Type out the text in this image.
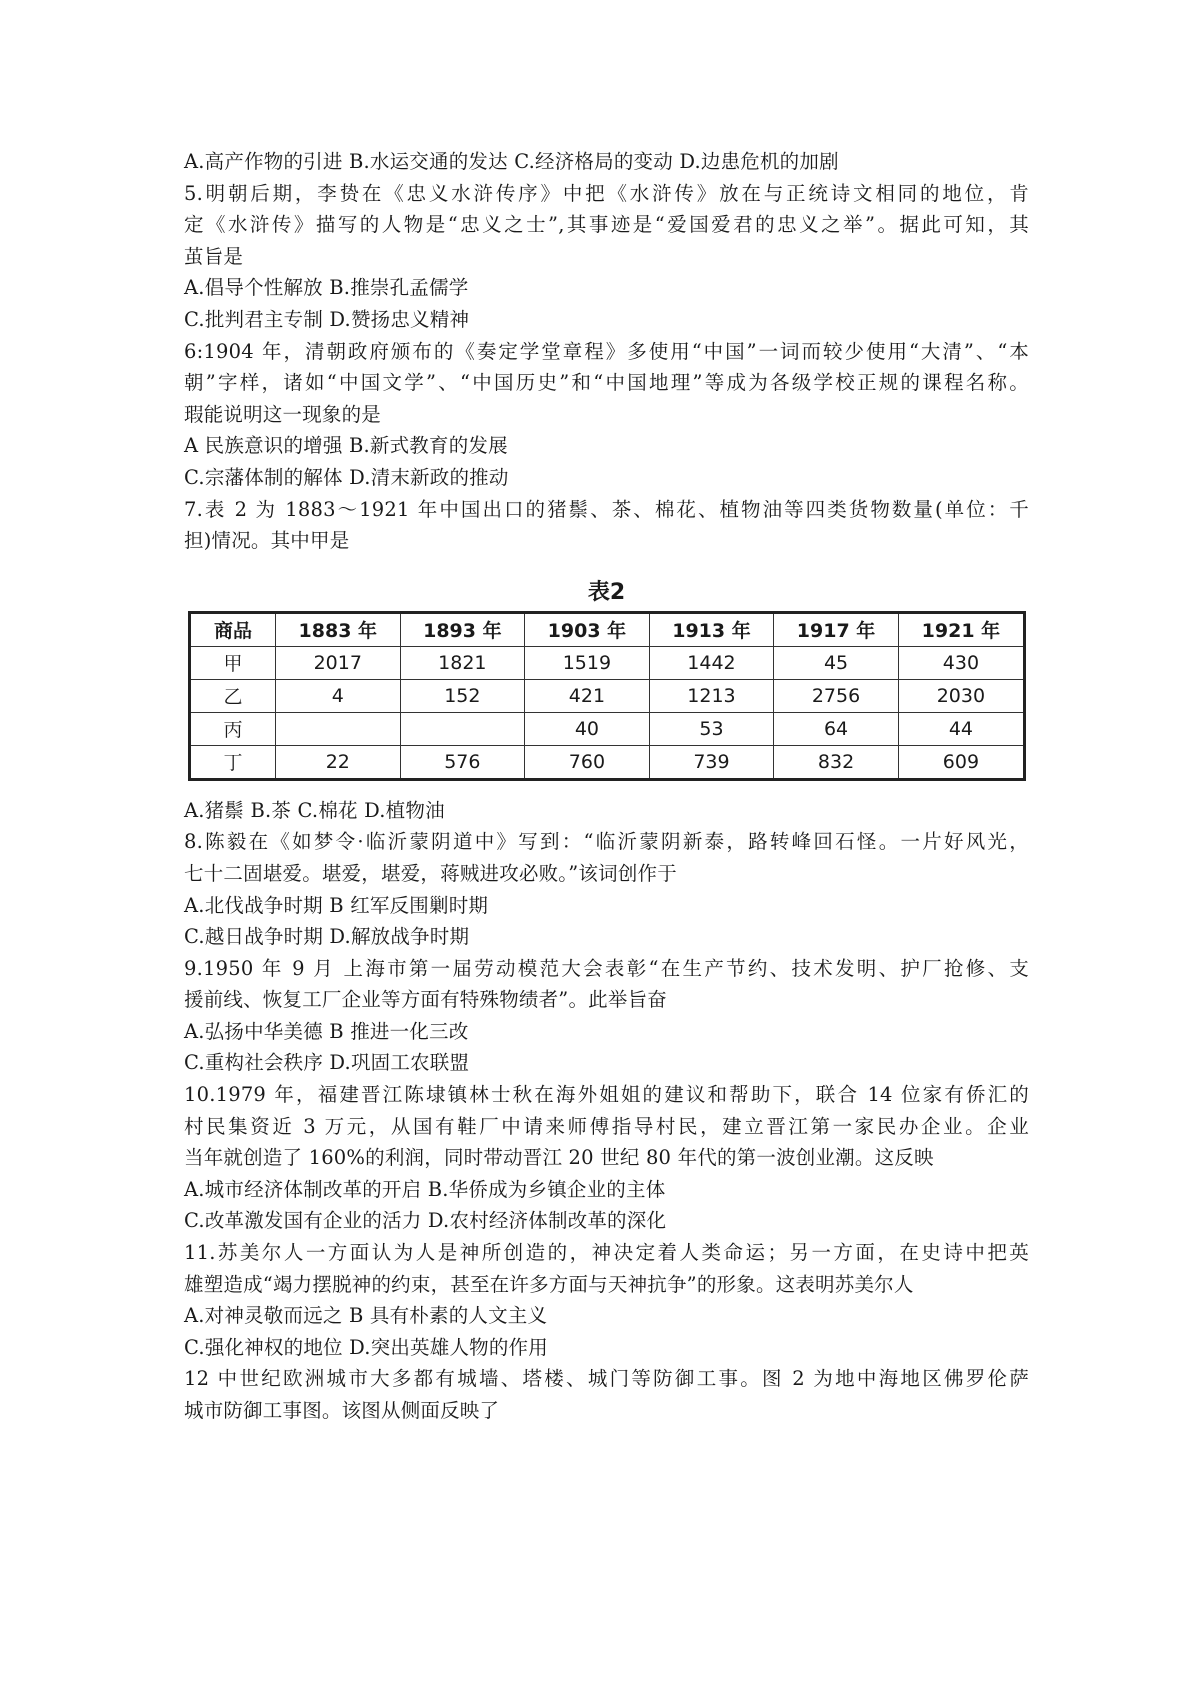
A.高产作物的引进 B.水运交通的发达 C.经济格局的变动 D.边患危机的加剧
5.明朝后期，李贽在《忠义水浒传序》中把《水浒传》放在与正统诗文相同的地位，肯
定《水浒传》描写的人物是“忠义之士”,其事迹是“爱国爱君的忠义之举”。据此可知，其
茧旨是
A.倡导个性解放 B.推崇孔孟儒学
C.批判君主专制 D.赞扬忠义精神
6:1904 年，清朝政府颁布的《奏定学堂章程》多使用“中国”一词而较少使用“大清”、“本
朝”字样，诸如“中国文学”、“中国历史”和“中国地理”等成为各级学校正规的课程名称。
瑕能说明这一现象的是
A 民族意识的增强 B.新式教育的发展
C.宗藩体制的解体 D.清末新政的推动
7.表 2 为 1883～1921 年中国出口的猪鬃、茶、棉花、植物油等四类货物数量(单位：千
担)情况。其中甲是
表2
商品	1883 年	1893 年	1903 年	1913 年	1917 年	1921 年
甲	2017	1821	1519	1442	45	430
乙	4	152	421	1213	2756	2030
丙			40	53	64	44
丁	22	576	760	739	832	609
A.猪鬃 B.茶 C.棉花 D.植物油
8.陈毅在《如梦令·临沂蒙阴道中》写到：“临沂蒙阴新泰，路转峰回石怪。一片好风光，
七十二固堪爱。堪爱，堪爱，蒋贼进攻必败。”该词创作于
A.北伐战争时期 B 红军反围剿时期
C.越日战争时期 D.解放战争时期
9.1950 年 9 月 上海市第一届劳动模范大会表彰“在生产节约、技术发明、护厂抢修、支
援前线、恢复工厂企业等方面有特殊物绩者”。此举旨奋
A.弘扬中华美德 B 推进一化三改
C.重构社会秩序 D.巩固工农联盟
10.1979 年，福建晋江陈埭镇林士秋在海外姐姐的建议和帮助下，联合 14 位家有侨汇的
村民集资近 3 万元，从国有鞋厂中请来师傅指导村民，建立晋江第一家民办企业。企业
当年就创造了 160%的利润，同时带动晋江 20 世纪 80 年代的第一波创业潮。这反映
A.城市经济体制改革的开启 B.华侨成为乡镇企业的主体
C.改革激发国有企业的活力 D.农村经济体制改革的深化
11.苏美尔人一方面认为人是神所创造的，神决定着人类命运；另一方面，在史诗中把英
雄塑造成“竭力摆脱神的约束，甚至在许多方面与天神抗争”的形象。这表明苏美尔人
A.对神灵敬而远之 B 具有朴素的人文主义
C.强化神权的地位 D.突出英雄人物的作用
12 中世纪欧洲城市大多都有城墙、塔楼、城门等防御工事。图 2 为地中海地区佛罗伦萨
城市防御工事图。该图从侧面反映了
